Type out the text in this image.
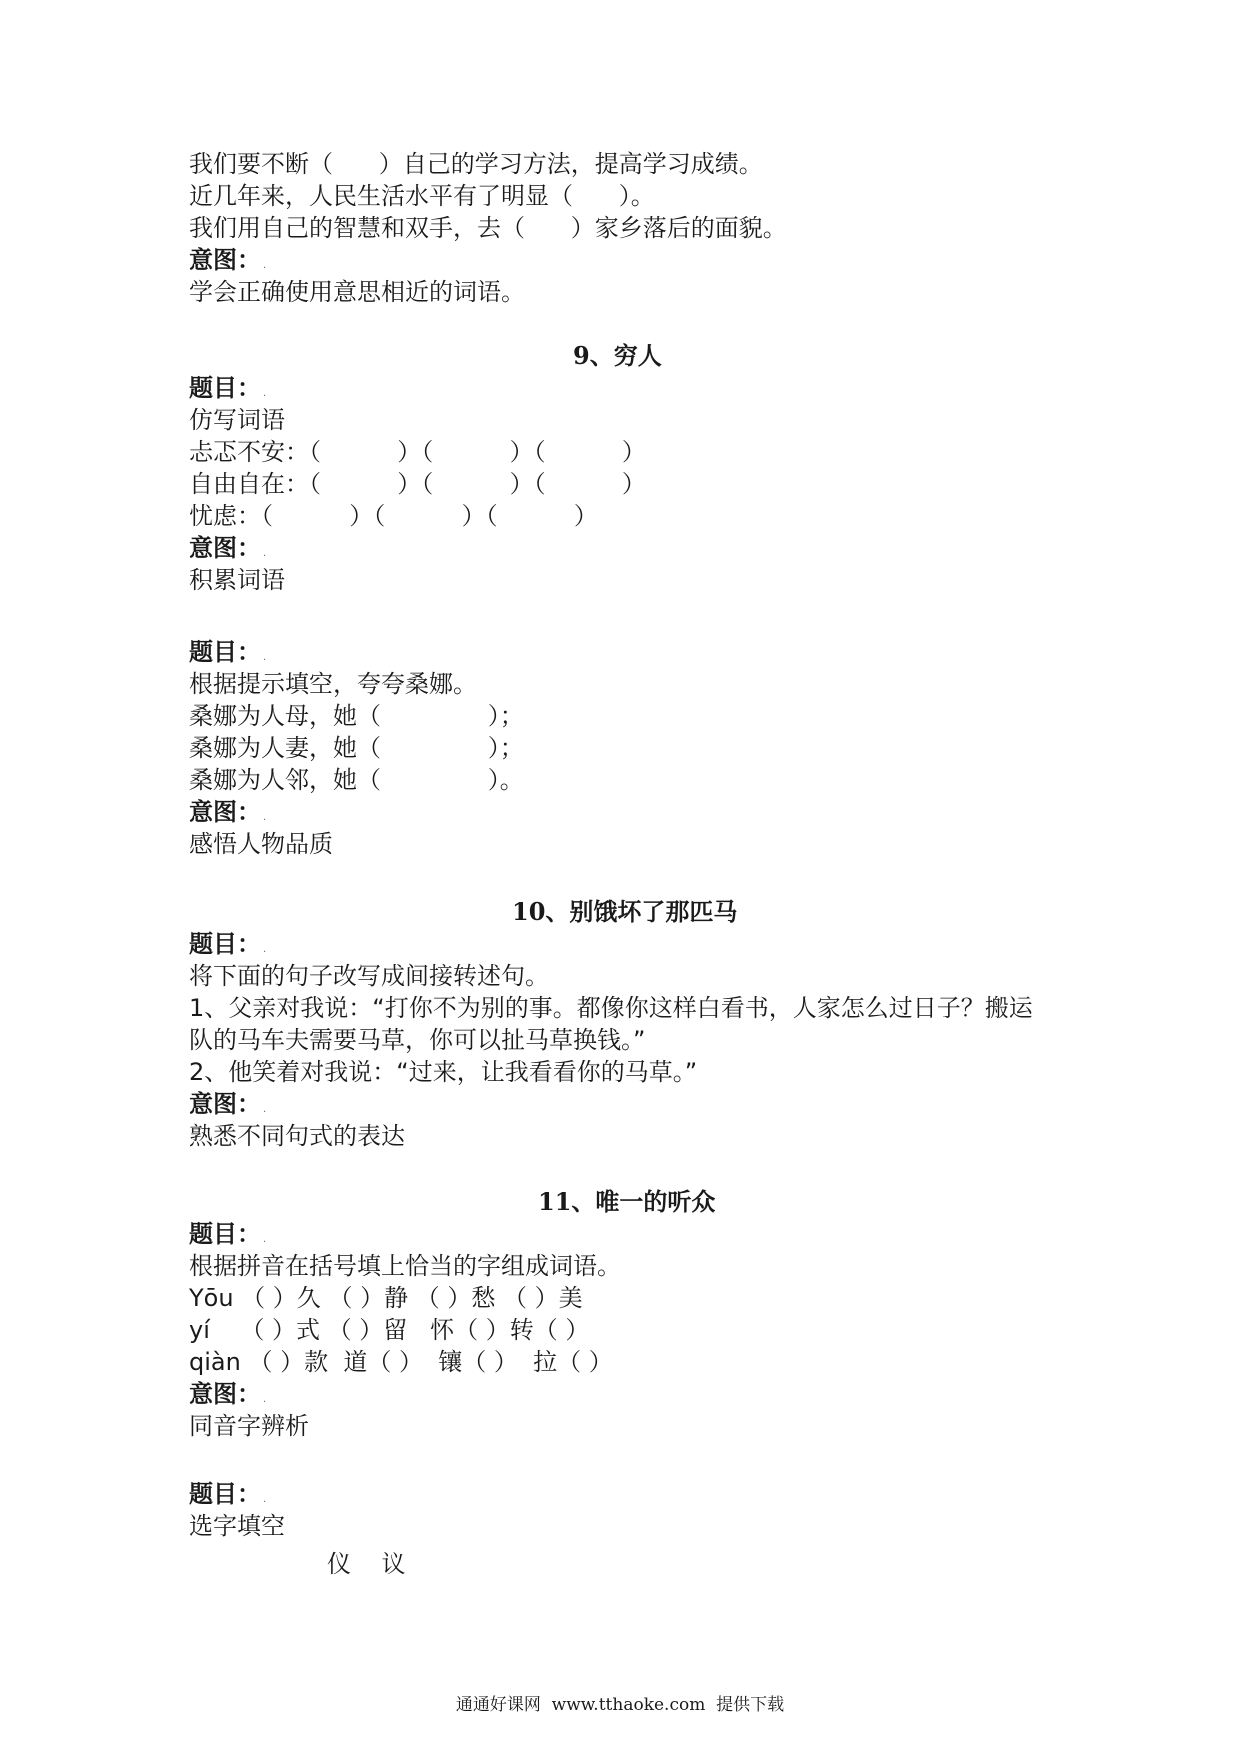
我们要不断（      ）自己的学习方法，提高学习成绩。
近几年来，人民生活水平有了明显（      ）。
我们用自己的智慧和双手，去（      ）家乡落后的面貌。
意图： .
学会正确使用意思相近的词语。
9、穷人
题目： .
仿写词语
忐忑不安：（          ）（          ）（          ）
自由自在：（          ）（          ）（          ）
忧虑：（          ）（          ）（          ）
意图： .
积累词语
题目： .
根据提示填空，夸夸桑娜。
桑娜为人母，她（              ）；
桑娜为人妻，她（              ）；
桑娜为人邻，她（              ）。
意图： .
感悟人物品质
10、别饿坏了那匹马
题目： .
将下面的句子改写成间接转述句。
1、父亲对我说：“打你不为别的事。都像你这样白看书，人家怎么过日子？搬运
队的马车夫需要马草，你可以扯马草换钱。”
2、他笑着对我说：“过来，让我看看你的马草。”
意图： .
熟悉不同句式的表达
11、唯一的听众
题目： .
根据拼音在括号填上恰当的字组成词语。
Yōu （ ）久 （ ）静 （ ）愁 （ ）美
yí    （ ）式 （ ）留   怀（ ）转（ ）
qiàn （ ）款  道（ ）  镶（ ）  拉（ ）
意图： .
同音字辨析
题目： .
选字填空
仪    议
通通好课网  www.tthaoke.com  提供下载
